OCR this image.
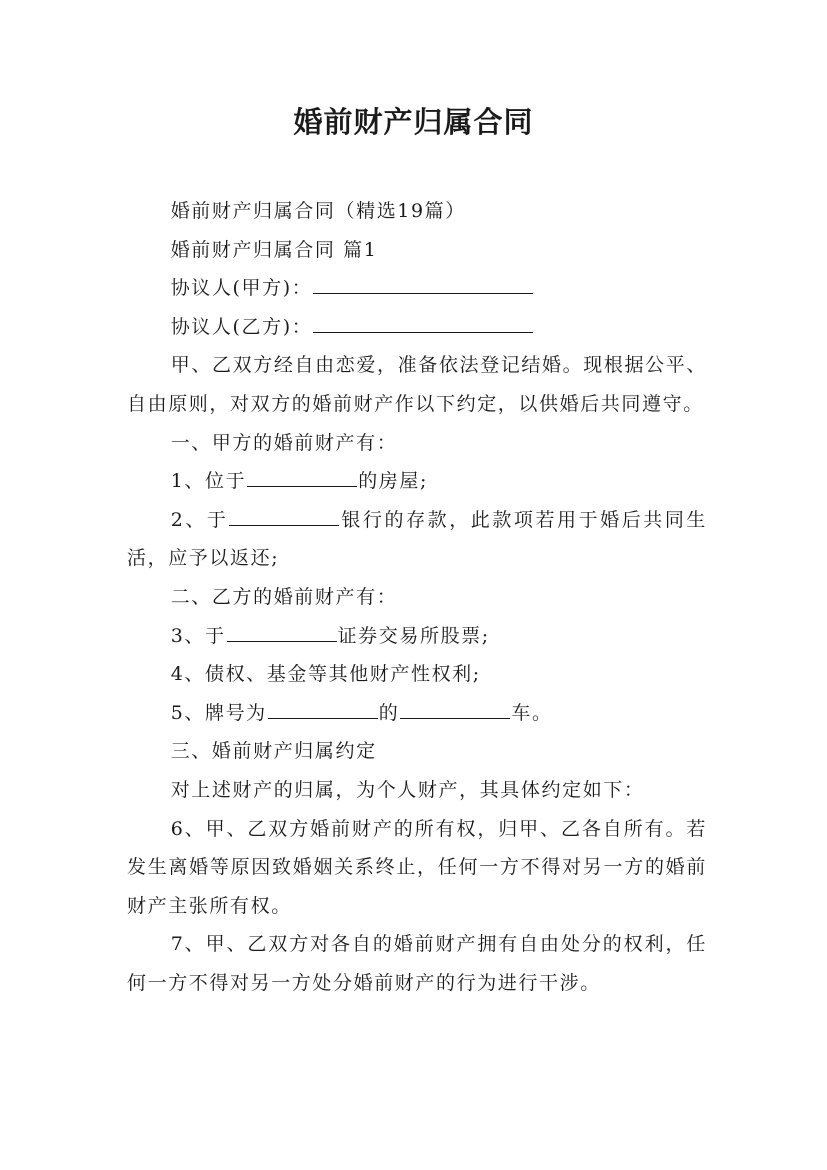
婚前财产归属合同

婚前财产归属合同（精选19篇）

婚前财产归属合同 篇1

协议人(甲方)：

协议人(乙方)：

甲、乙双方经自由恋爱，准备依法登记结婚。现根据公平、自由原则，对双方的婚前财产作以下约定，以供婚后共同遵守。

一、甲方的婚前财产有：

1、位于	的房屋;

2、于	银行的存款，此款项若用于婚后共同生活，应予以返还;

二、乙方的婚前财产有：

3、于	证券交易所股票;

4、债权、基金等其他财产性权利;

5、牌号为	的	车。

三、婚前财产归属约定

对上述财产的归属，为个人财产，其具体约定如下：

6、甲、乙双方婚前财产的所有权，归甲、乙各自所有。若发生离婚等原因致婚姻关系终止，任何一方不得对另一方的婚前财产主张所有权。

7、甲、乙双方对各自的婚前财产拥有自由处分的权利，任何一方不得对另一方处分婚前财产的行为进行干涉。
